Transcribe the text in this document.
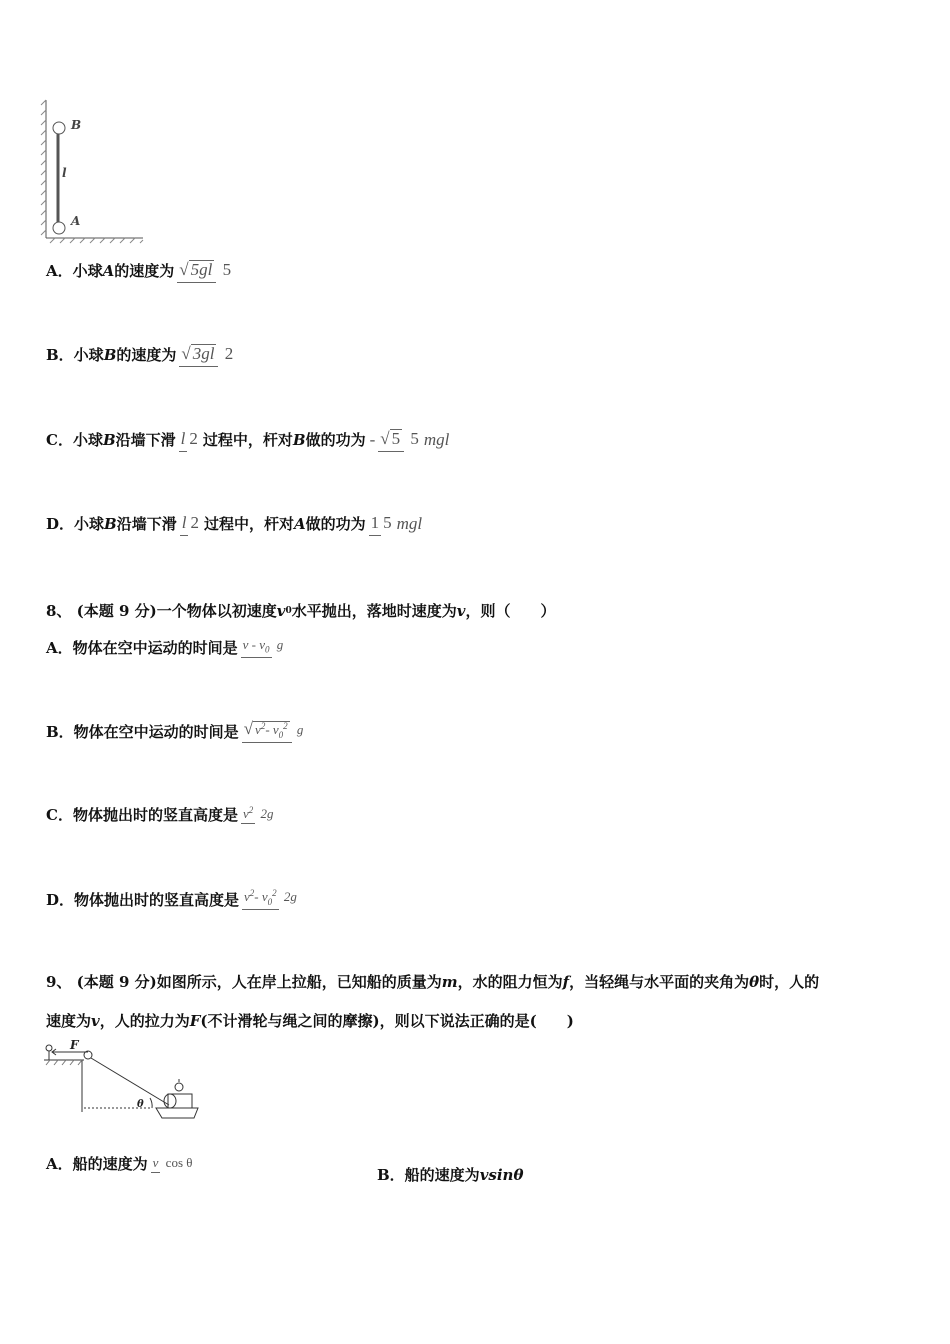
B
A
l
A．小球 A 的速度为 √ 5gl 5
B．小球 B 的速度为 √ 3gl 2
C．小球 B 沿墙下滑 l 2 过程中，杆对 B 做的功为 - √ 5 5 mgl
D．小球 B 沿墙下滑 l 2 过程中，杆对 A 做的功为 1 5 mgl
8、 (本题 9 分)一个物体以初速度 v 0 水平抛出，落地时速度为 v ，则（　　）
A．物体在空中运动的时间是 v - $v_0$ g
B．物体在空中运动的时间是 √ $v^2-$ $v_0^2$ g
C．物体抛出时的竖直高度是 $v^2$ 2g
D．物体抛出时的竖直高度是 $v^2-$ $v_0^2$ 2g
9、 (本题 9 分)如图所示，人在岸上拉船，已知船的质量为 m ，水的阻力恒为 f ，当轻绳与水平面的夹角为 θ 时，人的
速度为 v ，人的拉力为 F (不计滑轮与绳之间的摩擦)，则以下说法正确的是(　　)
F
θ
A．船的速度为 v cos θ
B．船的速度为 vsinθ
